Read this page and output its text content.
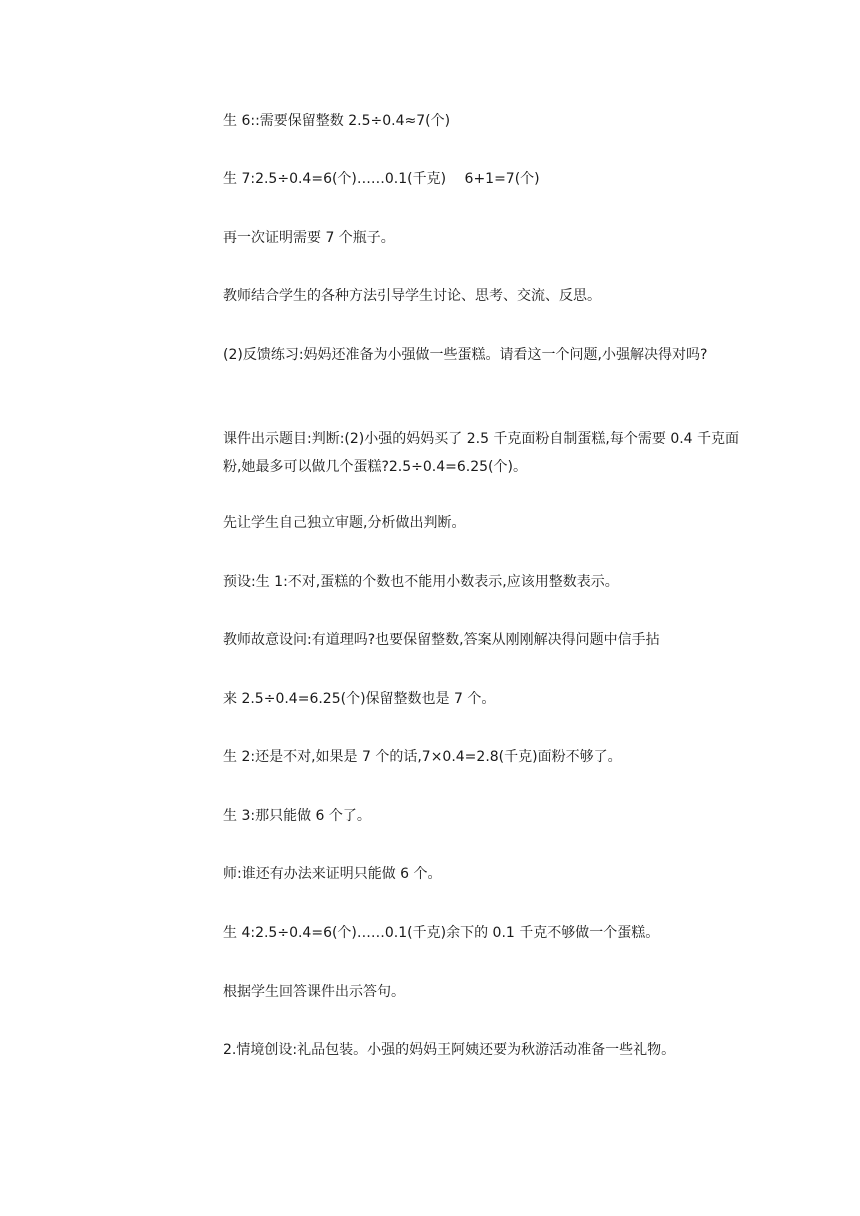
生 6::需要保留整数 2.5÷0.4≈7(个)

生 7:2.5÷0.4=6(个)……0.1(千克)　 6+1=7(个)

再一次证明需要 7 个瓶子。

教师结合学生的各种方法引导学生讨论、思考、交流、反思。

(2)反馈练习:妈妈还准备为小强做一些蛋糕。请看这一个问题,小强解决得对吗?

课件出示题目:判断:(2)小强的妈妈买了 2.5 千克面粉自制蛋糕,每个需要 0.4 千克面粉,她最多可以做几个蛋糕?2.5÷0.4=6.25(个)。

先让学生自己独立审题,分析做出判断。

预设:生 1:不对,蛋糕的个数也不能用小数表示,应该用整数表示。

教师故意设问:有道理吗?也要保留整数,答案从刚刚解决得问题中信手拈

来 2.5÷0.4=6.25(个)保留整数也是 7 个。

生 2:还是不对,如果是 7 个的话,7×0.4=2.8(千克)面粉不够了。

生 3:那只能做 6 个了。

师:谁还有办法来证明只能做 6 个。

生 4:2.5÷0.4=6(个)……0.1(千克)余下的 0.1 千克不够做一个蛋糕。

根据学生回答课件出示答句。

2.情境创设:礼品包装。小强的妈妈王阿姨还要为秋游活动准备一些礼物。
